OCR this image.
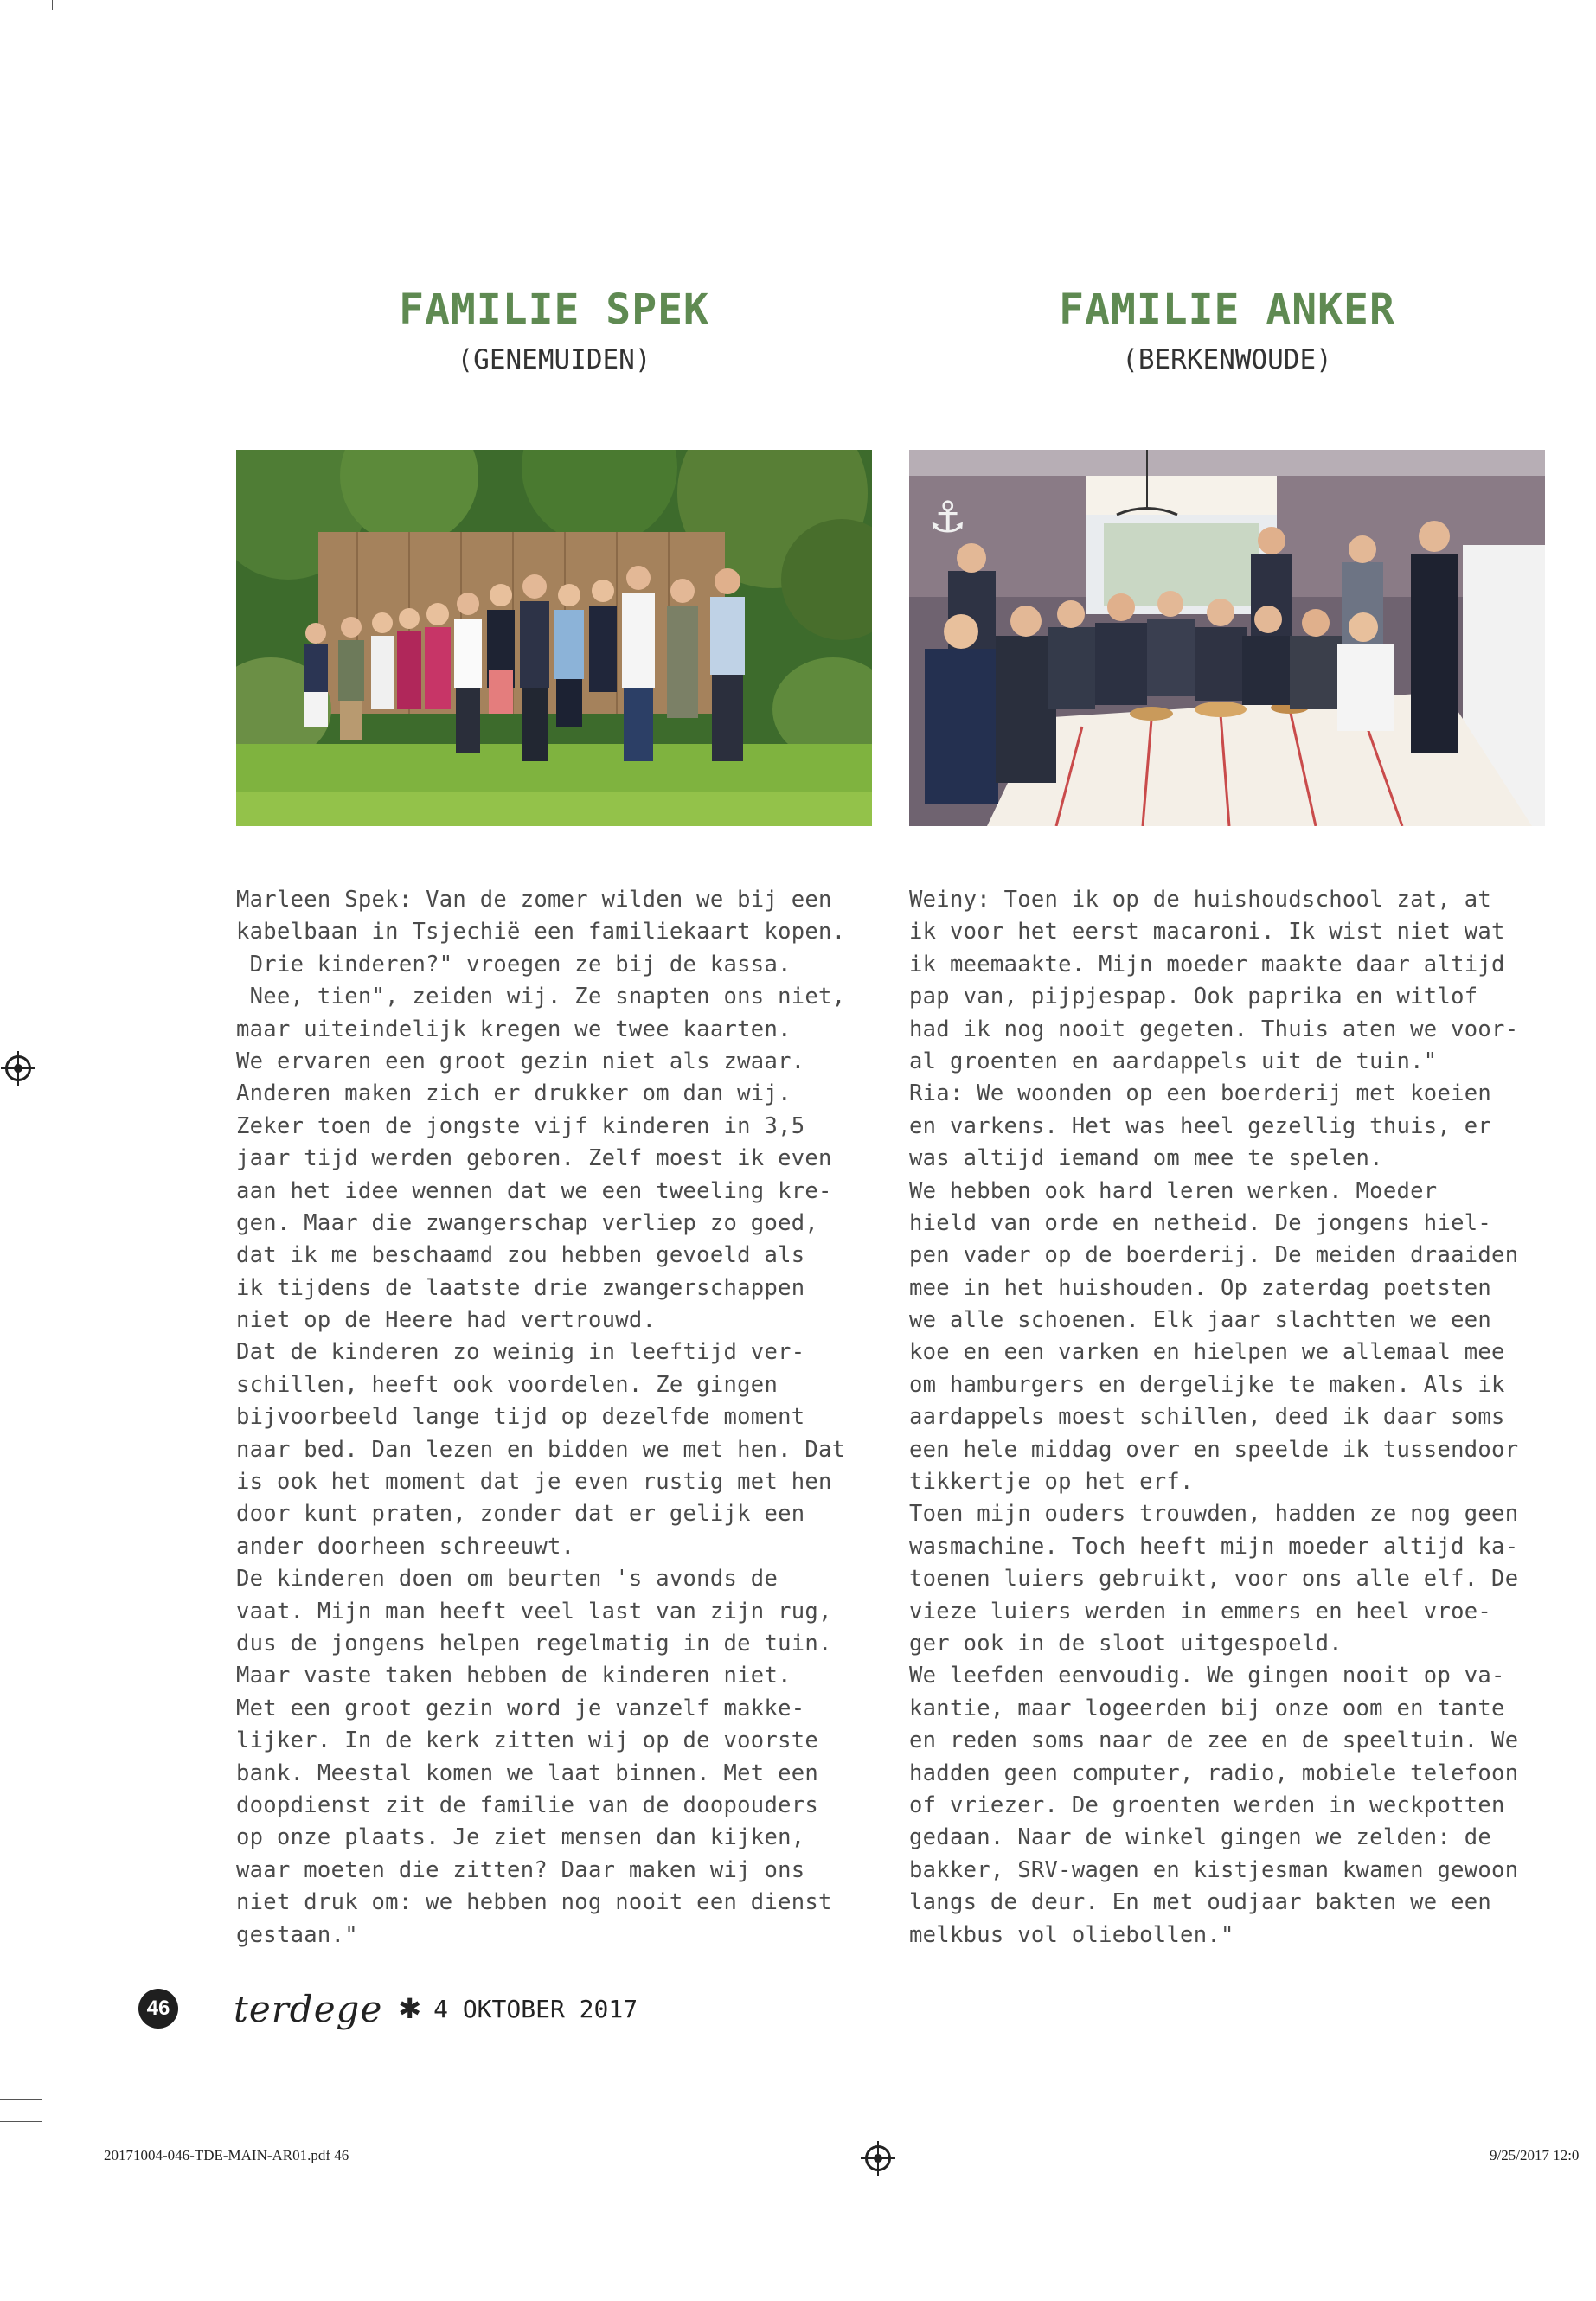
FAMILIE SPEK

(GENEMUIDEN)

FAMILIE ANKER

(BERKENWOUDE)

⚓
Marleen Spek: Van de zomer wilden we bij een
kabelbaan in Tsjechië een familiekaart kopen.
Drie kinderen?" vroegen ze bij de kassa.
Nee, tien", zeiden wij. Ze snapten ons niet,
maar uiteindelijk kregen we twee kaarten.
We ervaren een groot gezin niet als zwaar.
Anderen maken zich er drukker om dan wij.
Zeker toen de jongste vijf kinderen in 3,5
jaar tijd werden geboren. Zelf moest ik even
aan het idee wennen dat we een tweeling kre-
gen. Maar die zwangerschap verliep zo goed,
dat ik me beschaamd zou hebben gevoeld als
ik tijdens de laatste drie zwangerschappen
niet op de Heere had vertrouwd.
Dat de kinderen zo weinig in leeftijd ver-
schillen, heeft ook voordelen. Ze gingen
bijvoorbeeld lange tijd op dezelfde moment
naar bed. Dan lezen en bidden we met hen. Dat
is ook het moment dat je even rustig met hen
door kunt praten, zonder dat er gelijk een
ander doorheen schreeuwt.
De kinderen doen om beurten 's avonds de
vaat. Mijn man heeft veel last van zijn rug,
dus de jongens helpen regelmatig in de tuin.
Maar vaste taken hebben de kinderen niet.
Met een groot gezin word je vanzelf makke-
lijker. In de kerk zitten wij op de voorste
bank. Meestal komen we laat binnen. Met een
doopdienst zit de familie van de doopouders
op onze plaats. Je ziet mensen dan kijken,
waar moeten die zitten? Daar maken wij ons
niet druk om: we hebben nog nooit een dienst
gestaan."
Weiny: Toen ik op de huishoudschool zat, at
ik voor het eerst macaroni. Ik wist niet wat
ik meemaakte. Mijn moeder maakte daar altijd
pap van, pijpjespap. Ook paprika en witlof
had ik nog nooit gegeten. Thuis aten we voor-
al groenten en aardappels uit de tuin."
Ria: We woonden op een boerderij met koeien
en varkens. Het was heel gezellig thuis, er
was altijd iemand om mee te spelen.
We hebben ook hard leren werken. Moeder
hield van orde en netheid. De jongens hiel-
pen vader op de boerderij. De meiden draaiden
mee in het huishouden. Op zaterdag poetsten
we alle schoenen. Elk jaar slachtten we een
koe en een varken en hielpen we allemaal mee
om hamburgers en dergelijke te maken. Als ik
aardappels moest schillen, deed ik daar soms
een hele middag over en speelde ik tussendoor
tikkertje op het erf.
Toen mijn ouders trouwden, hadden ze nog geen
wasmachine. Toch heeft mijn moeder altijd ka-
toenen luiers gebruikt, voor ons alle elf. De
vieze luiers werden in emmers en heel vroe-
ger ook in de sloot uitgespoeld.
We leefden eenvoudig. We gingen nooit op va-
kantie, maar logeerden bij onze oom en tante
en reden soms naar de zee en de speeltuin. We
hadden geen computer, radio, mobiele telefoon
of vriezer. De groenten werden in weckpotten
gedaan. Naar de winkel gingen we zelden: de
bakker, SRV-wagen en kistjesman kwamen gewoon
langs de deur. En met oudjaar bakten we een
melkbus vol oliebollen."
46 terdege ✱ 4 OKTOBER 2017
20171004-046-TDE-MAIN-AR01.pdf 46	9/25/2017 12:0
